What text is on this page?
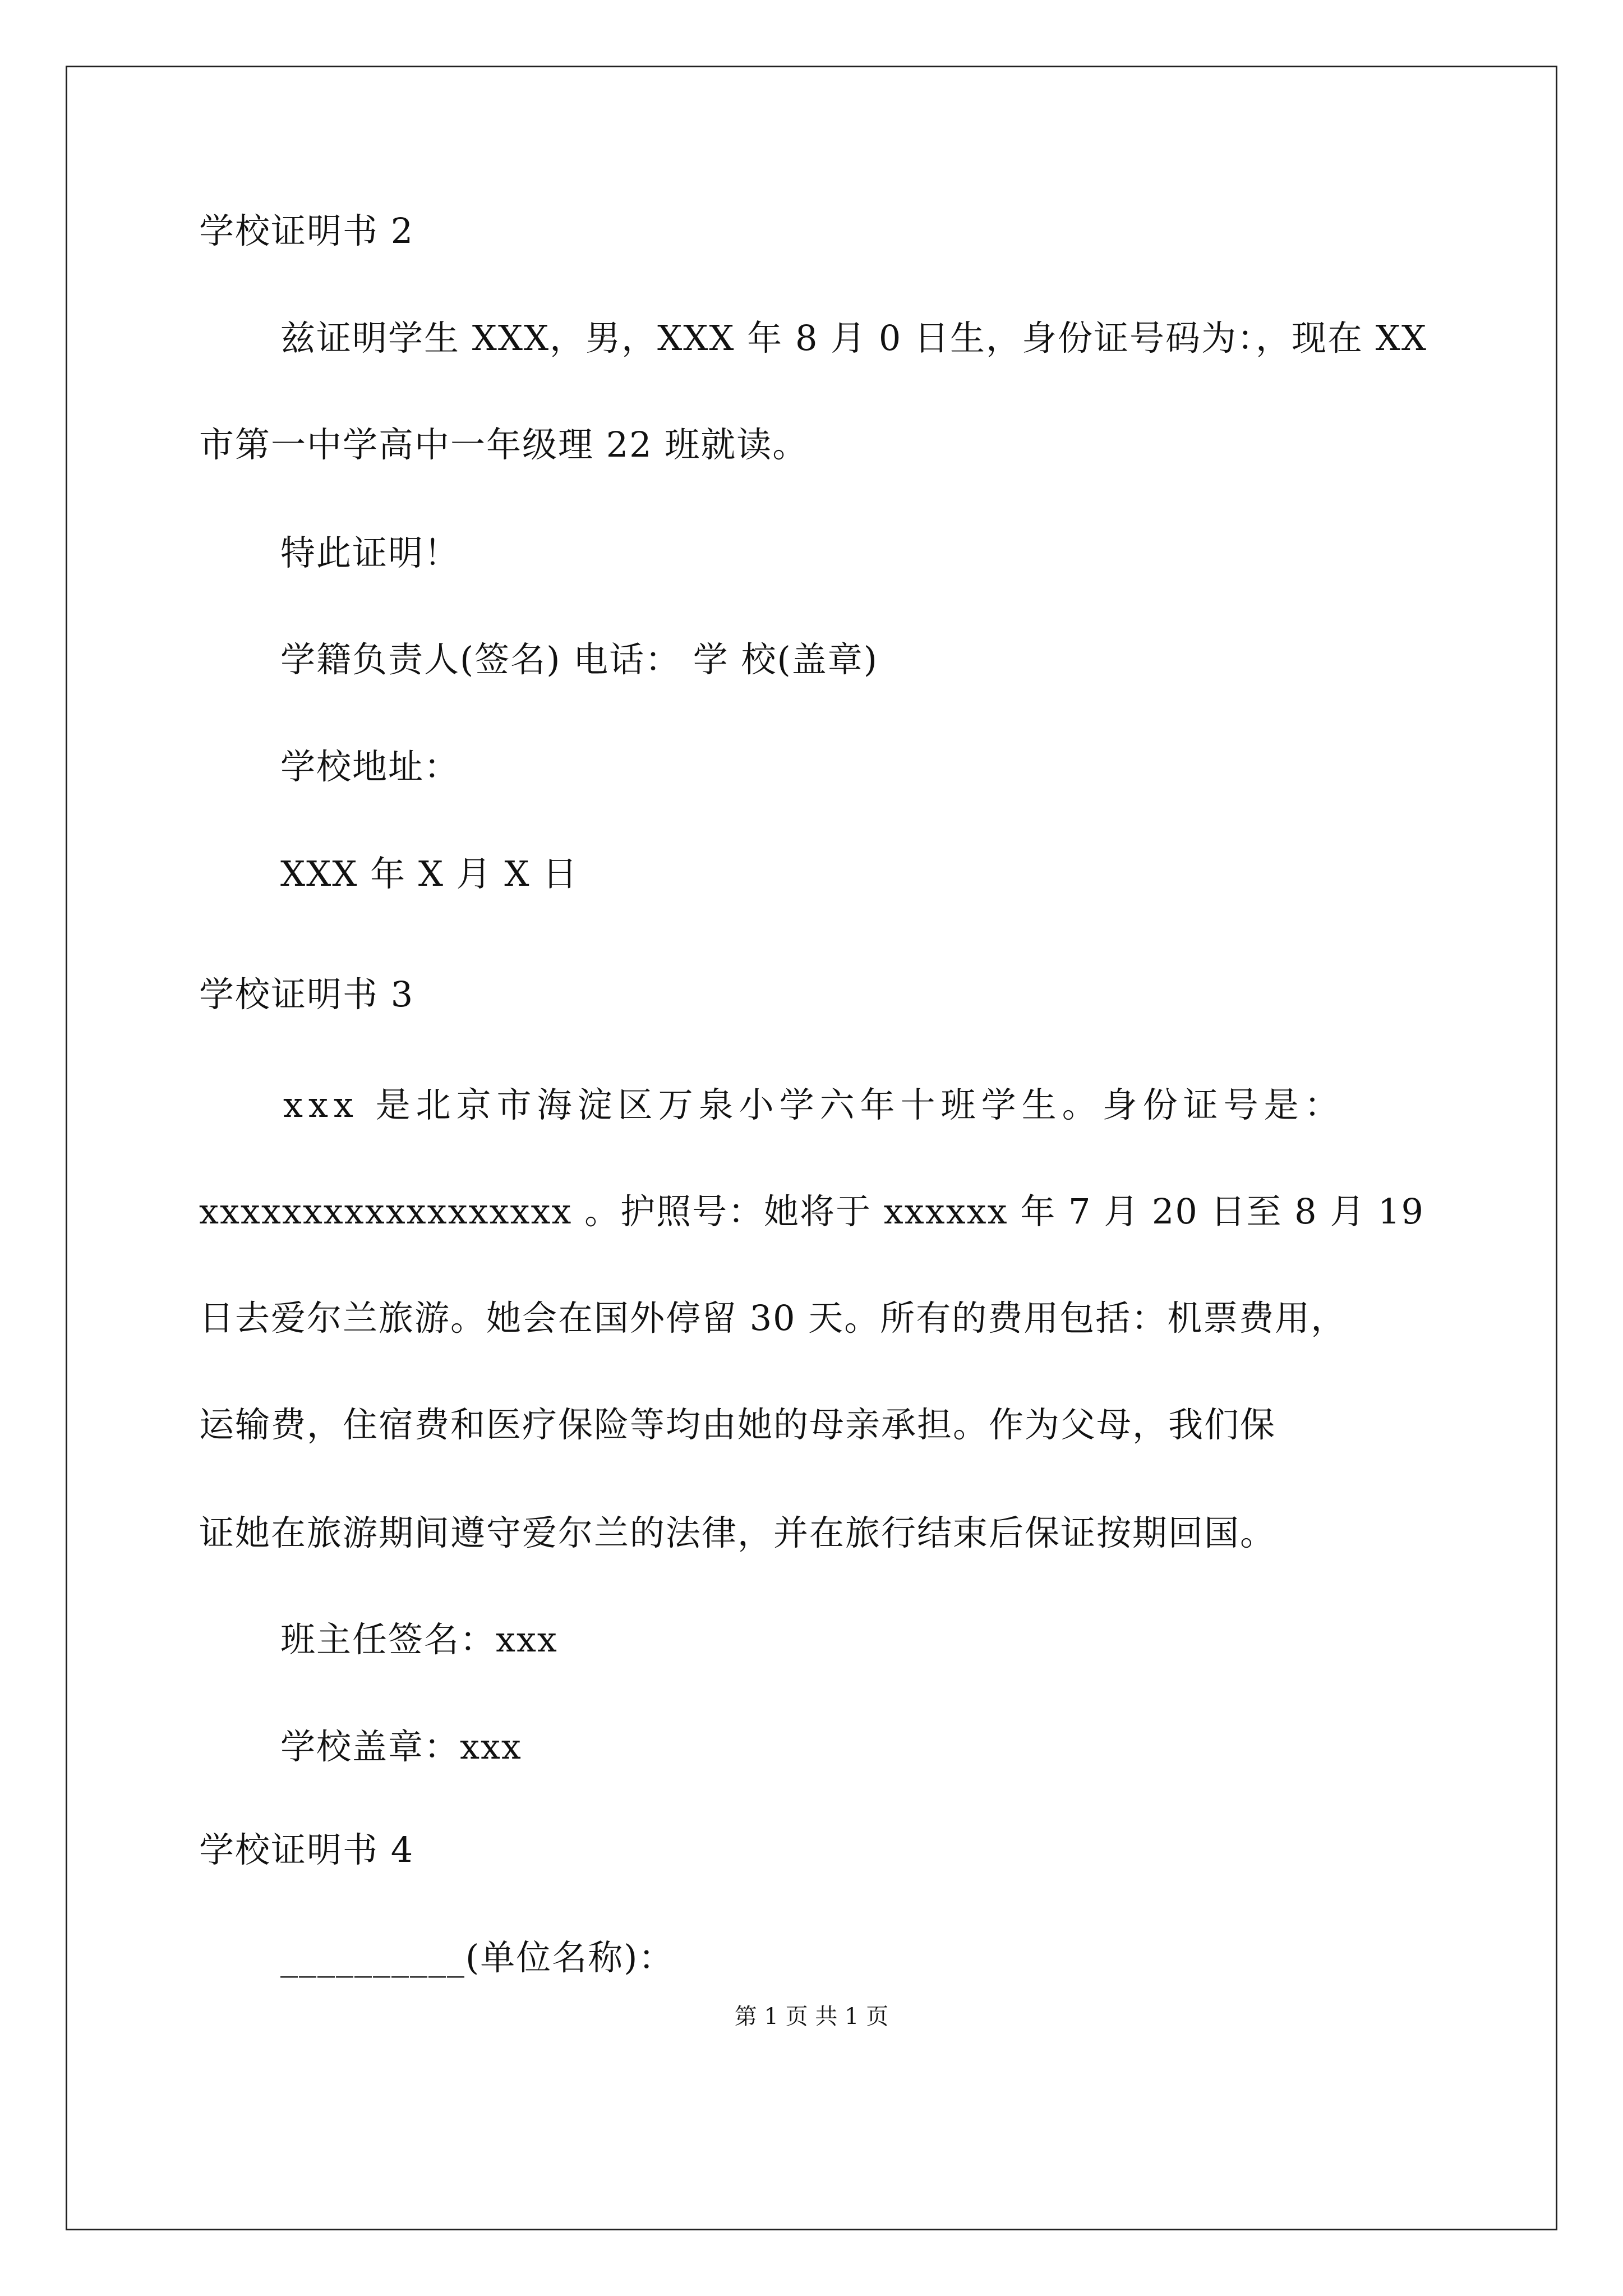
学校证明书 2
兹证明学生 XXX，男，XXX 年 8 月 0 日生，身份证号码为：，现在 XX
市第一中学高中一年级理 22 班就读。
特此证明！
学籍负责人(签名) 电话： 学 校(盖章)
学校地址：
XXX 年 X 月 X 日
学校证明书 3
xxx 是北京市海淀区万泉小学六年十班学生。身份证号是：
xxxxxxxxxxxxxxxxxx 。护照号：她将于 xxxxxx 年 7 月 20 日至 8 月 19
日去爱尔兰旅游。她会在国外停留 30 天。所有的费用包括：机票费用，
运输费，住宿费和医疗保险等均由她的母亲承担。作为父母，我们保
证她在旅游期间遵守爱尔兰的法律，并在旅行结束后保证按期回国。
班主任签名：xxx
学校盖章：xxx
学校证明书 4
__________(单位名称)：
第 1 页 共 1 页
